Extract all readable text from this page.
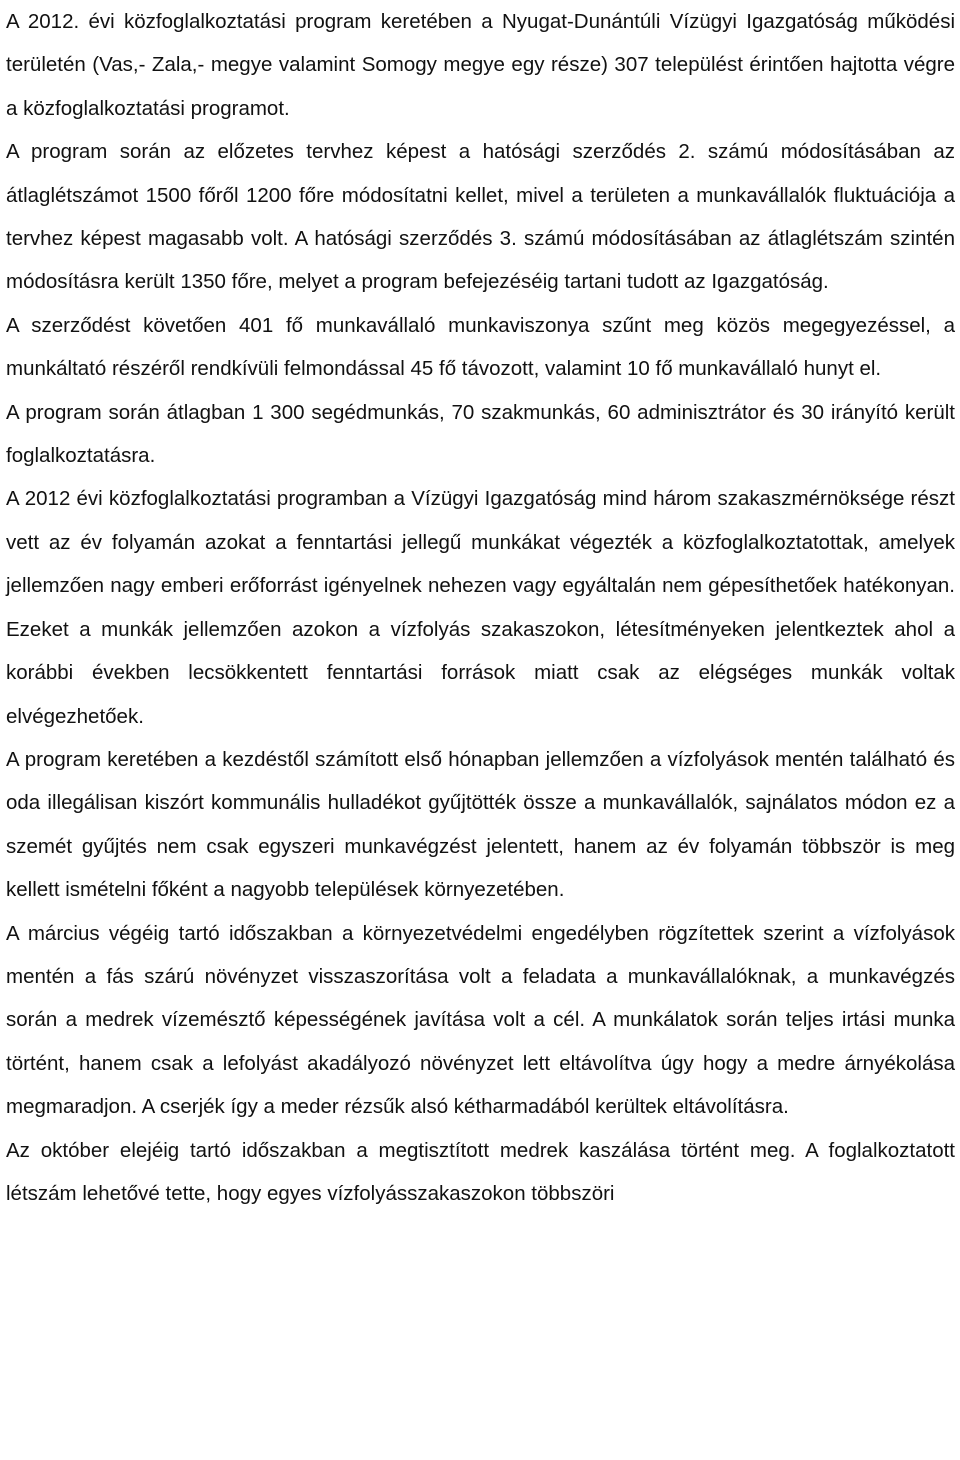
A 2012. évi közfoglalkoztatási program keretében a Nyugat-Dunántúli Vízügyi Igazgatóság működési területén (Vas,- Zala,- megye valamint Somogy megye egy része) 307 települést érintően hajtotta végre a közfoglalkoztatási programot.

A program során az előzetes tervhez képest a hatósági szerződés 2. számú módosításában az átlaglétszámot 1500 főről 1200 főre módosítatni kellet, mivel a területen a munkavállalók fluktuációja a tervhez képest magasabb volt. A hatósági szerződés 3. számú módosításában az átlaglétszám szintén módosításra került 1350 főre, melyet a program befejezéséig tartani tudott az Igazgatóság.

A szerződést követően 401 fő munkavállaló munkaviszonya szűnt meg közös megegyezéssel, a munkáltató részéről rendkívüli felmondással 45 fő távozott, valamint 10 fő munkavállaló hunyt el.

A program során átlagban 1 300 segédmunkás, 70 szakmunkás, 60 adminisztrátor és 30 irányító került foglalkoztatásra.

A 2012 évi közfoglalkoztatási programban a Vízügyi Igazgatóság mind három szakaszmérnöksége részt vett az év folyamán azokat a fenntartási jellegű munkákat végezték a közfoglalkoztatottak, amelyek jellemzően nagy emberi erőforrást igényelnek nehezen vagy egyáltalán nem gépesíthetőek hatékonyan. Ezeket a munkák jellemzően azokon a vízfolyás szakaszokon, létesítményeken jelentkeztek ahol a korábbi években lecsökkentett fenntartási források miatt csak az elégséges munkák voltak elvégezhetőek.

A program keretében a kezdéstől számított első hónapban jellemzően a vízfolyások mentén található és oda illegálisan kiszórt kommunális hulladékot gyűjtötték össze a munkavállalók, sajnálatos módon ez a szemét gyűjtés nem csak egyszeri munkavégzést jelentett, hanem az év folyamán többször is meg kellett ismételni főként a nagyobb települések környezetében.

A március végéig tartó időszakban a környezetvédelmi engedélyben rögzítettek szerint a vízfolyások mentén a fás szárú növényzet visszaszorítása volt a feladata a munkavállalóknak, a munkavégzés során a medrek vízemésztő képességének javítása volt a cél. A munkálatok során teljes irtási munka történt, hanem csak a lefolyást akadályozó növényzet lett eltávolítva úgy hogy a medre árnyékolása megmaradjon. A cserjék így a meder rézsűk alsó kétharmadából kerültek eltávolításra.

Az október elejéig tartó időszakban a megtisztított medrek kaszálása történt meg. A foglalkoztatott létszám lehetővé tette, hogy egyes vízfolyásszakaszokon többszöri
